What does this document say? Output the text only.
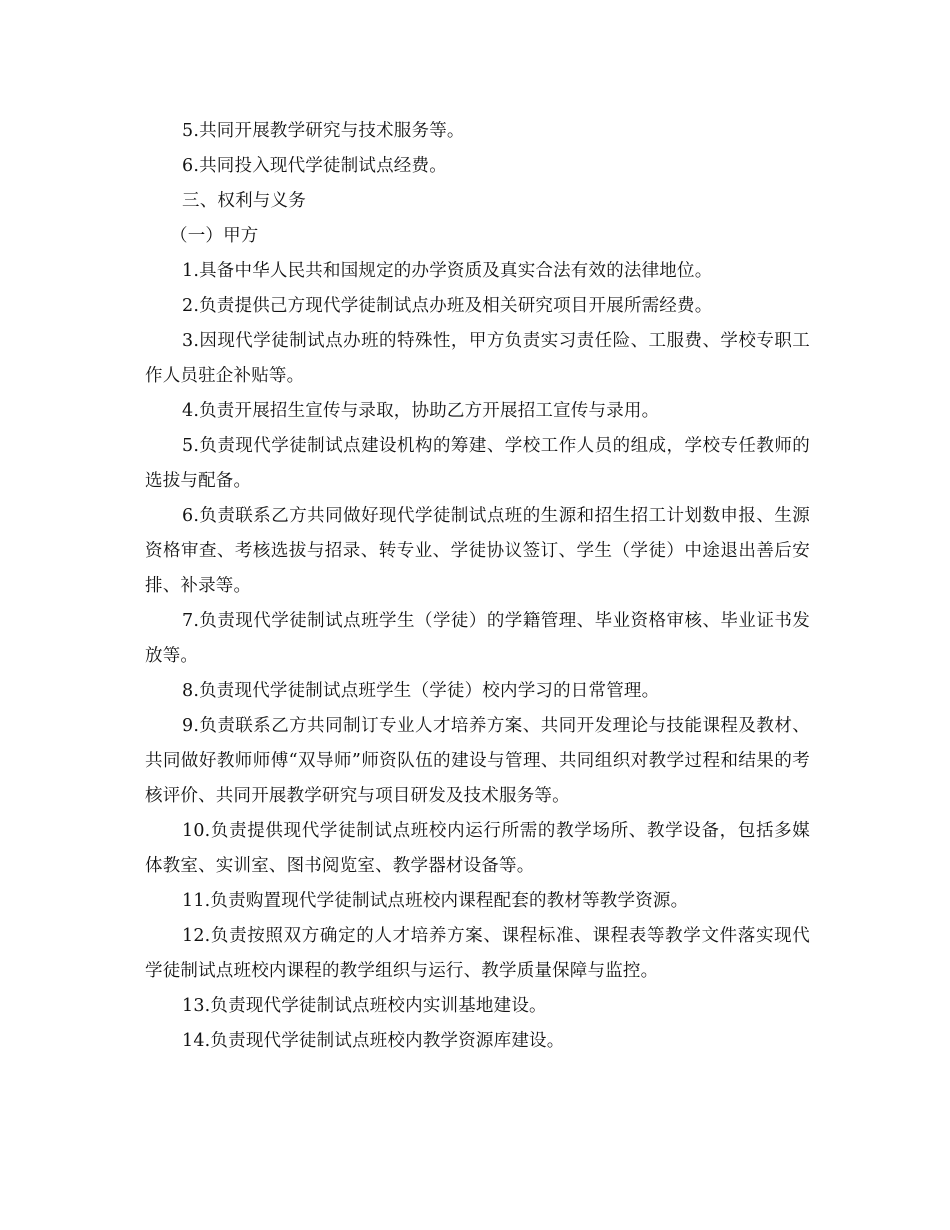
5.共同开展教学研究与技术服务等。

6.共同投入现代学徒制试点经费。

三、权利与义务

（一）甲方

1.具备中华人民共和国规定的办学资质及真实合法有效的法律地位。

2.负责提供己方现代学徒制试点办班及相关研究项目开展所需经费。

3.因现代学徒制试点办班的特殊性，甲方负责实习责任险、工服费、学校专职工作人员驻企补贴等。

4.负责开展招生宣传与录取，协助乙方开展招工宣传与录用。

5.负责现代学徒制试点建设机构的筹建、学校工作人员的组成，学校专任教师的选拔与配备。

6.负责联系乙方共同做好现代学徒制试点班的生源和招生招工计划数申报、生源资格审查、考核选拔与招录、转专业、学徒协议签订、学生（学徒）中途退出善后安排、补录等。

7.负责现代学徒制试点班学生（学徒）的学籍管理、毕业资格审核、毕业证书发放等。

8.负责现代学徒制试点班学生（学徒）校内学习的日常管理。

9.负责联系乙方共同制订专业人才培养方案、共同开发理论与技能课程及教材、共同做好教师师傅“双导师”师资队伍的建设与管理、共同组织对教学过程和结果的考核评价、共同开展教学研究与项目研发及技术服务等。

10.负责提供现代学徒制试点班校内运行所需的教学场所、教学设备，包括多媒体教室、实训室、图书阅览室、教学器材设备等。

11.负责购置现代学徒制试点班校内课程配套的教材等教学资源。

12.负责按照双方确定的人才培养方案、课程标准、课程表等教学文件落实现代学徒制试点班校内课程的教学组织与运行、教学质量保障与监控。

13.负责现代学徒制试点班校内实训基地建设。

14.负责现代学徒制试点班校内教学资源库建设。
